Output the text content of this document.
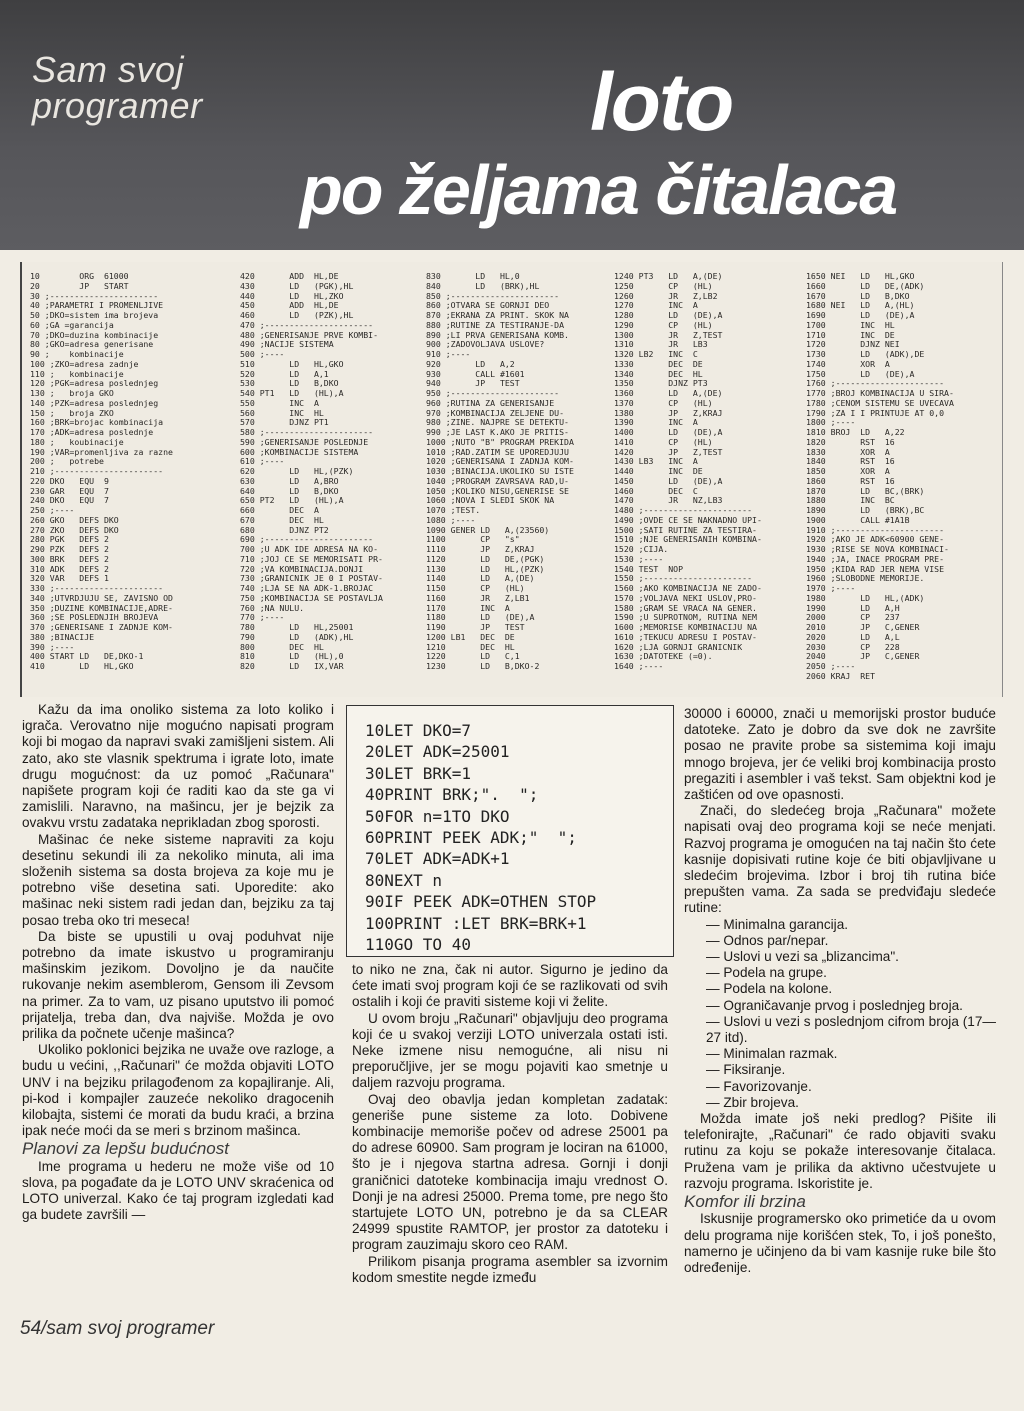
Sam svoj
programer	loto
po željama čitalaca
10        ORG  61000
20        JP   START
30 ;----------------------
40 ;PARAMETRI I PROMENLJIVE
50 ;DKO=sistem ima brojeva
60 ;GA =garancija
70 ;DKO=duzina kombinacije
80 ;GKO=adresa generisane
90 ;    kombinacije
100 ;ZKO=adresa zadnje
110 ;   kombinacije
120 ;PGK=adresa poslednjeg
130 ;   broja GKO
140 ;PZK=adresa poslednjeg
150 ;   broja ZKO
160 ;BRK=brojac kombinacija
170 ;ADK=adresa poslednje
180 ;   koubinacije
190 ;VAR=promenljiva za razne
200 ;   potrebe
210 ;----------------------
220 DKO   EQU  9
230 GAR   EQU  7
240 DKO   EQU  7
250 ;----
260 GKO   DEFS DKO
270 ZKO   DEFS DKO
280 PGK   DEFS 2
290 PZK   DEFS 2
300 BRK   DEFS 2
310 ADK   DEFS 2
320 VAR   DEFS 1
330 ;----------------------
340 ;UTVRDJUJU SE, ZAVISNO OD
350 ;DUZINE KOMBINACIJE,ADRE-
360 ;SE POSLEDNJIH BROJEVA
370 ;GENERISANE I ZADNJE KOM-
380 ;BINACIJE
390 ;----
400 START LD   DE,DKO-1
410       LD   HL,GKO
420       ADD  HL,DE
430       LD   (PGK),HL
440       LD   HL,ZKO
450       ADD  HL,DE
460       LD   (PZK),HL
470 ;----------------------
480 ;GENERISANJE PRVE KOMBI-
490 ;NACIJE SISTEMA
500 ;----
510       LD   HL,GKO
520       LD   A,1
530       LD   B,DKO
540 PT1   LD   (HL),A
550       INC  A
560       INC  HL
570       DJNZ PT1
580 ;----------------------
590 ;GENERISANJE POSLEDNJE
600 ;KOMBINACIJE SISTEMA
610 ;----
620       LD   HL,(PZK)
630       LD   A,BRO
640       LD   B,DKO
650 PT2   LD   (HL),A
660       DEC  A
670       DEC  HL
680       DJNZ PT2
690 ;----------------------
700 ;U ADK IDE ADRESA NA KO-
710 ;JOJ CE SE MEMORISATI PR-
720 ;VA KOMBINACIJA.DONJI
730 ;GRANICNIK JE 0 I POSTAV-
740 ;LJA SE NA ADK-1.BROJAC
750 ;KOMBINACIJA SE POSTAVLJA
760 ;NA NULU.
770 ;----
780       LD   HL,25001
790       LD   (ADK),HL
800       DEC  HL
810       LD   (HL),0
820       LD   IX,VAR
830       LD   HL,0
840       LD   (BRK),HL
850 ;----------------------
860 ;OTVARA SE GORNJI DEO
870 ;EKRANA ZA PRINT. SKOK NA
880 ;RUTINE ZA TESTIRANJE-DA
890 ;LI PRVA GENERISANA KOMB.
900 ;ZADOVOLJAVA USLOVE?
910 ;----
920       LD   A,2
930       CALL #1601
940       JP   TEST
950 ;----------------------
960 ;RUTINA ZA GENERISANJE
970 ;KOMBINACIJA ZELJENE DU-
980 ;ZINE. NAJPRE SE DETEKTU-
990 ;JE LAST K.AKO JE PRITIS-
1000 ;NUTO "B" PROGRAM PREKIDA
1010 ;RAD.ZATIM SE UPOREDJUJU
1020 ;GENERISANA I ZADNJA KOM-
1030 ;BINACIJA.UKOLIKO SU ISTE
1040 ;PROGRAM ZAVRSAVA RAD,U-
1050 ;KOLIKO NISU,GENERISE SE
1060 ;NOVA I SLEDI SKOK NA
1070 ;TEST.
1080 ;----
1090 GENER LD   A,(23560)
1100       CP   "s"
1110       JP   Z,KRAJ
1120       LD   DE,(PGK)
1130       LD   HL,(PZK)
1140       LD   A,(DE)
1150       CP   (HL)
1160       JR   Z,LB1
1170       INC  A
1180       LD   (DE),A
1190       JP   TEST
1200 LB1   DEC  DE
1210       DEC  HL
1220       LD   C,1
1230       LD   B,DKO-2
1240 PT3   LD   A,(DE)
1250       CP   (HL)
1260       JR   Z,LB2
1270       INC  A
1280       LD   (DE),A
1290       CP   (HL)
1300       JR   Z,TEST
1310       JR   LB3
1320 LB2   INC  C
1330       DEC  DE
1340       DEC  HL
1350       DJNZ PT3
1360       LD   A,(DE)
1370       CP   (HL)
1380       JP   Z,KRAJ
1390       INC  A
1400       LD   (DE),A
1410       CP   (HL)
1420       JP   Z,TEST
1430 LB3   INC  A
1440       INC  DE
1450       LD   (DE),A
1460       DEC  C
1470       JR   NZ,LB3
1480 ;----------------------
1490 ;OVDE CE SE NAKNADNO UPI-
1500 ;SATI RUTINE ZA TESTIRA-
1510 ;NJE GENERISANIH KOMBINA-
1520 ;CIJA.
1530 ;----
1540 TEST  NOP
1550 ;----------------------
1560 ;AKO KOMBINACIJA NE ZADO-
1570 ;VOLJAVA NEKI USLOV,PRO-
1580 ;GRAM SE VRACA NA GENER.
1590 ;U SUPROTNOM, RUTINA NEM
1600 ;MEMORISE KOMBINACIJU NA
1610 ;TEKUCU ADRESU I POSTAV-
1620 ;LJA GORNJI GRANICNIK
1630 ;DATOTEKE (=0).
1640 ;----
1650 NEI   LD   HL,GKO
1660       LD   DE,(ADK)
1670       LD   B,DKO
1680 NEI   LD   A,(HL)
1690       LD   (DE),A
1700       INC  HL
1710       INC  DE
1720       DJNZ NEI
1730       LD   (ADK),DE
1740       XOR  A
1750       LD   (DE),A
1760 ;----------------------
1770 ;BROJ KOMBINACIJA U SIRA-
1780 ;CENOM SISTEMU SE UVECAVA
1790 ;ZA I I PRINTUJE AT 0,0
1800 ;----
1810 BROJ  LD   A,22
1820       RST  16
1830       XOR  A
1840       RST  16
1850       XOR  A
1860       RST  16
1870       LD   BC,(BRK)
1880       INC  BC
1890       LD   (BRK),BC
1900       CALL #1A1B
1910 ;----------------------
1920 ;AKO JE ADK<60900 GENE-
1930 ;RISE SE NOVA KOMBINACI-
1940 ;JA, INACE PROGRAM PRE-
1950 ;KIDA RAD JER NEMA VISE
1960 ;SLOBODNE MEMORIJE.
1970 ;----
1980       LD   HL,(ADK)
1990       LD   A,H
2000       CP   237
2010       JP   C,GENER
2020       LD   A,L
2030       CP   228
2040       JP   C,GENER
2050 ;----
2060 KRAJ  RET

Kažu da ima onoliko sistema za loto koliko i igrača. Verovatno nije mogućno napisati program koji bi mogao da napravi svaki zamišljeni sistem. Ali zato, ako ste vlasnik spektruma i igrate loto, imate drugu mogućnost: da uz pomoć „Računara" napišete program koji će raditi kao da ste ga vi zamislili. Naravno, na mašincu, jer je bejzik za ovakvu vrstu zadataka neprikladan zbog sporosti.

Mašinac će neke sisteme napraviti za koju desetinu sekundi ili za nekoliko minuta, ali ima složenih sistema sa dosta brojeva za koje mu je potrebno više desetina sati. Uporedite: ako mašinac neki sistem radi jedan dan, bejziku za taj posao treba oko tri meseca!

Da biste se upustili u ovaj poduhvat nije potrebno da imate iskustvo u programiranju mašinskim jezikom. Dovoljno je da naučite rukovanje nekim asemblerom, Gensom ili Zevsom na primer. Za to vam, uz pisano uputstvo ili pomoć prijatelja, treba dan, dva najviše. Možda je ovo prilika da počnete učenje mašinca?

Ukoliko poklonici bejzika ne uvaže ove razloge, a budu u većini, ,,Računari" će možda objaviti LOTO UNV i na bejziku prilagođenom za kopajliranje. Ali, pi-kod i kompajler zauzeće nekoliko dragocenih kilobajta, sistemi će morati da budu kraći, a brzina ipak neće moći da se meri s brzinom mašinca.

Planovi za lepšu budućnost

Ime programa u hederu ne može više od 10 slova, pa pogađate da je LOTO UNV skraćenica od LOTO univerzal. Kako će taj program izgledati kad ga budete završili —

10LET DKO=7
20LET ADK=25001
30LET BRK=1
40PRINT BRK;".  ";
50FOR n=1TO DKO
60PRINT PEEK ADK;"  ";
70LET ADK=ADK+1
80NEXT n
90IF PEEK ADK=OTHEN STOP
100PRINT :LET BRK=BRK+1
110GO TO 40

to niko ne zna, čak ni autor. Sigurno je jedino da ćete imati svoj program koji će se razlikovati od svih ostalih i koji će praviti sisteme koji vi želite.

U ovom broju „Računari" objavljuju deo programa koji će u svakoj verziji LOTO univerzala ostati isti. Neke izmene nisu nemogućne, ali nisu ni preporučljive, jer se mogu pojaviti kao smetnje u daljem razvoju programa.

Ovaj deo obavlja jedan kompletan zadatak: generiše pune sisteme za loto. Dobivene kombinacije memoriše počev od adrese 25001 pa do adrese 60900. Sam program je lociran na 61000, što je i njegova startna adresa. Gornji i donji graničnici datoteke kombinacija imaju vrednost O. Donji je na adresi 25000. Prema tome, pre nego što startujete LOTO UN, potrebno je da sa CLEAR 24999 spustite RAMTOP, jer prostor za datoteku i program zauzimaju skoro ceo RAM.

Prilikom pisanja programa asembler sa izvornim kodom smestite negde između

30000 i 60000, znači u memorijski prostor buduće datoteke. Zato je dobro da sve dok ne završite posao ne pravite probe sa sistemima koji imaju mnogo brojeva, jer će veliki broj kombinacija prosto pregaziti i asembler i vaš tekst. Sam objektni kod je zaštićen od ove opasnosti.

Znači, do sledećeg broja „Računara" možete napisati ovaj deo programa koji se neće menjati. Razvoj programa je omogućen na taj način što ćete kasnije dopisivati rutine koje će biti objavljivane u sledećim brojevima. Izbor i broj tih rutina biće prepušten vama. Za sada se predviđaju sledeće rutine:

— Minimalna garancija.

— Odnos par/nepar.

— Uslovi u vezi sa „blizancima".

— Podela na grupe.

— Podela na kolone.

— Ograničavanje prvog i poslednjeg broja.

— Uslovi u vezi s poslednjom cifrom broja (17—27 itd).

— Minimalan razmak.

— Fiksiranje.

— Favorizovanje.

— Zbir brojeva.

Možda imate još neki predlog? Pišite ili telefonirajte, „Računari" će rado objaviti svaku rutinu za koju se pokaže interesovanje čitalaca. Pružena vam je prilika da aktivno učestvujete u razvoju programa. Iskoristite je.

Komfor ili brzina

Iskusnije programersko oko primetiće da u ovom delu programa nije korišćen stek, To, i još ponešto, namerno je učinjeno da bi vam kasnije ruke bile što određenije.

54/sam svoj programer
